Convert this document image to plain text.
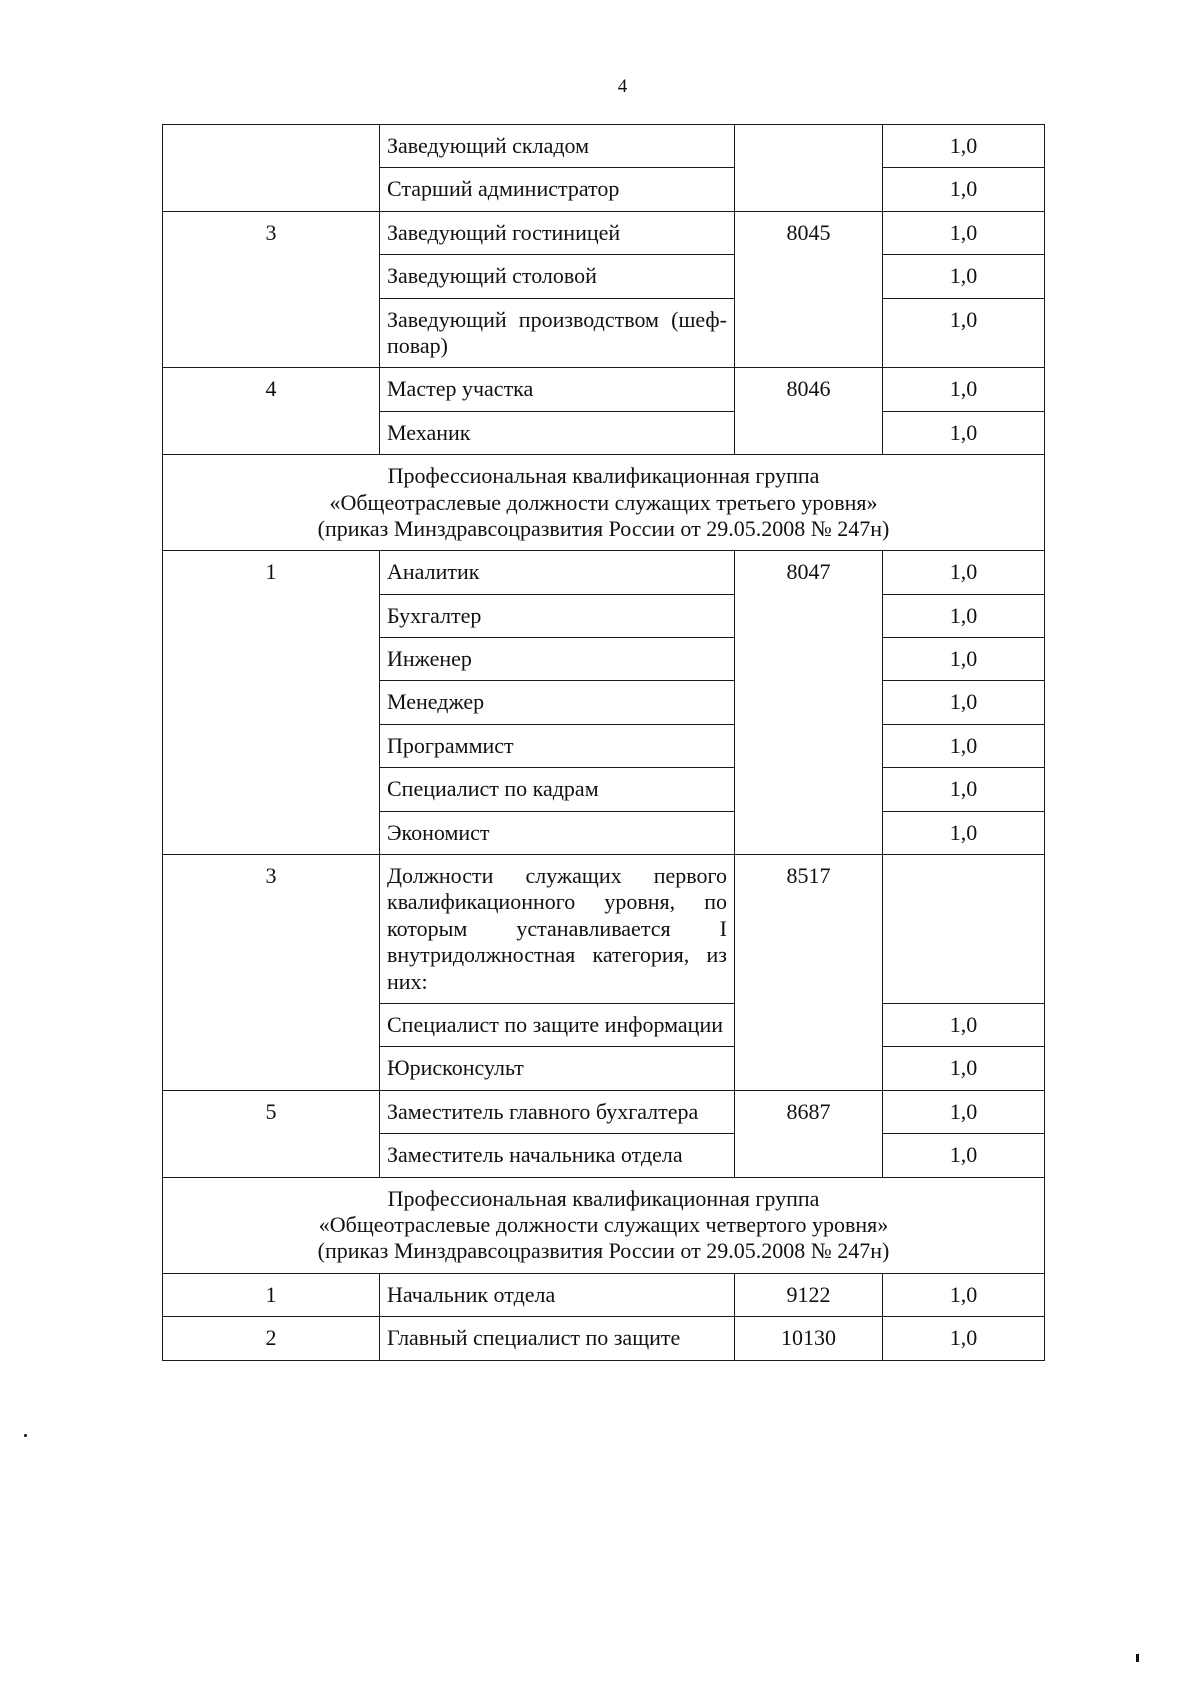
4
	Заведующий складом		1,0
	Старший администратор		1,0
3	Заведующий гостиницей	8045	1,0
	Заведующий столовой		1,0
	Заведующий производством (шеф-повар)		1,0
4	Мастер участка	8046	1,0
	Механик		1,0

Профессиональная квалификационная группа
«Общеотраслевые должности служащих третьего уровня»
(приказ Минздравсоцразвития России от 29.05.2008 № 247н)			

1	Аналитик	8047	1,0
	Бухгалтер		1,0
	Инженер		1,0
	Менеджер		1,0
	Программист		1,0
	Специалист по кадрам		1,0
	Экономист		1,0
3	Должности служащих первого квалификационного уровня, по которым устанавливается I внутридолжностная категория, из них:	8517	
	Специалист по защите информации		1,0
	Юрисконсульт		1,0
5	Заместитель главного бухгалтера	8687	1,0
	Заместитель начальника отдела		1,0

Профессиональная квалификационная группа
«Общеотраслевые должности служащих четвертого уровня»
(приказ Минздравсоцразвития России от 29.05.2008 № 247н)			

1	Начальник отдела	9122	1,0
2	Главный специалист по защите	10130	1,0
